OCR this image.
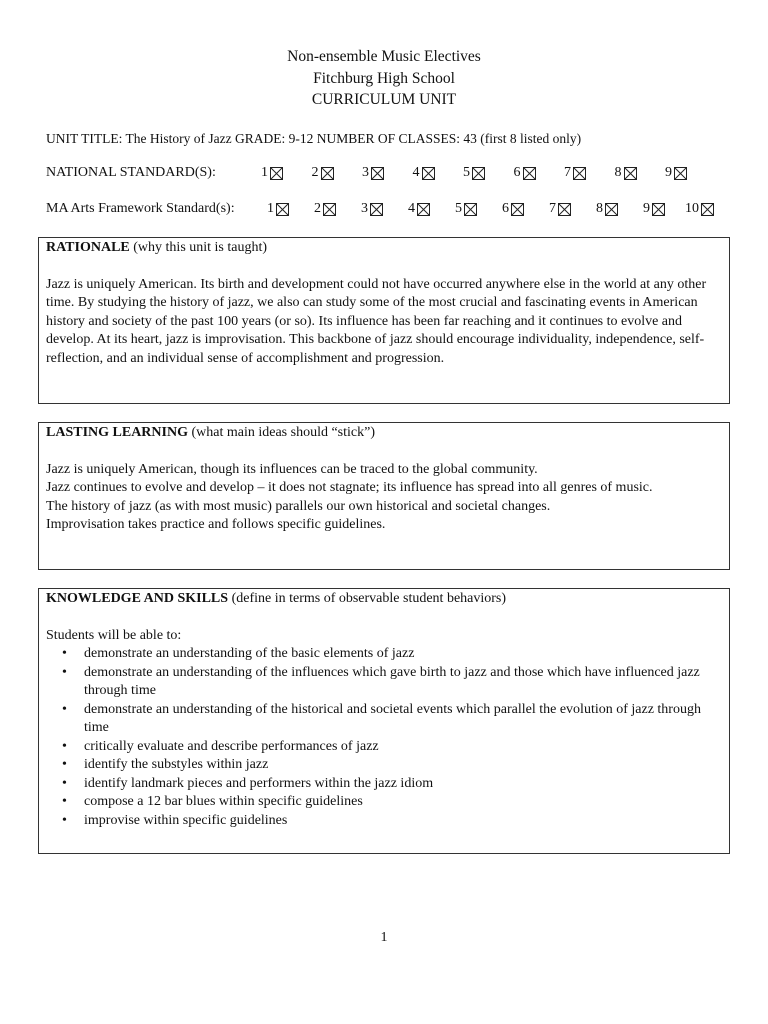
Non-ensemble Music Electives
Fitchburg High School
CURRICULUM UNIT
UNIT TITLE: The History of Jazz GRADE: 9-12 NUMBER OF CLASSES: 43 (first 8 listed only)
NATIONAL STANDARD(S):	1	2	3	4	5	6	7	8	9
MA Arts Framework Standard(s):	1	2	3	4	5	6	7	8	9	10

RATIONALE (why this unit is taught)

Jazz is uniquely American. Its birth and development could not have occurred anywhere else in the world at any other time. By studying the history of jazz, we also can study some of the most crucial and fascinating events in American history and society of the past 100 years (or so). Its influence has been far reaching and it continues to evolve and develop. At its heart, jazz is improvisation. This backbone of jazz should encourage individuality, independence, self-reflection, and an individual sense of accomplishment and progression.

LASTING LEARNING (what main ideas should “stick”)

Jazz is uniquely American, though its influences can be traced to the global community.

Jazz continues to evolve and develop – it does not stagnate; its influence has spread into all genres of music.

The history of jazz (as with most music) parallels our own historical and societal changes.

Improvisation takes practice and follows specific guidelines.

KNOWLEDGE AND SKILLS (define in terms of observable student behaviors)

Students will be able to:

• demonstrate an understanding of the basic elements of jazz
• demonstrate an understanding of the influences which gave birth to jazz and those which have influenced jazz through time
• demonstrate an understanding of the historical and societal events which parallel the evolution of jazz through time
• critically evaluate and describe performances of jazz
• identify the substyles within jazz
• identify landmark pieces and performers within the jazz idiom
• compose a 12 bar blues within specific guidelines
• improvise within specific guidelines
1
